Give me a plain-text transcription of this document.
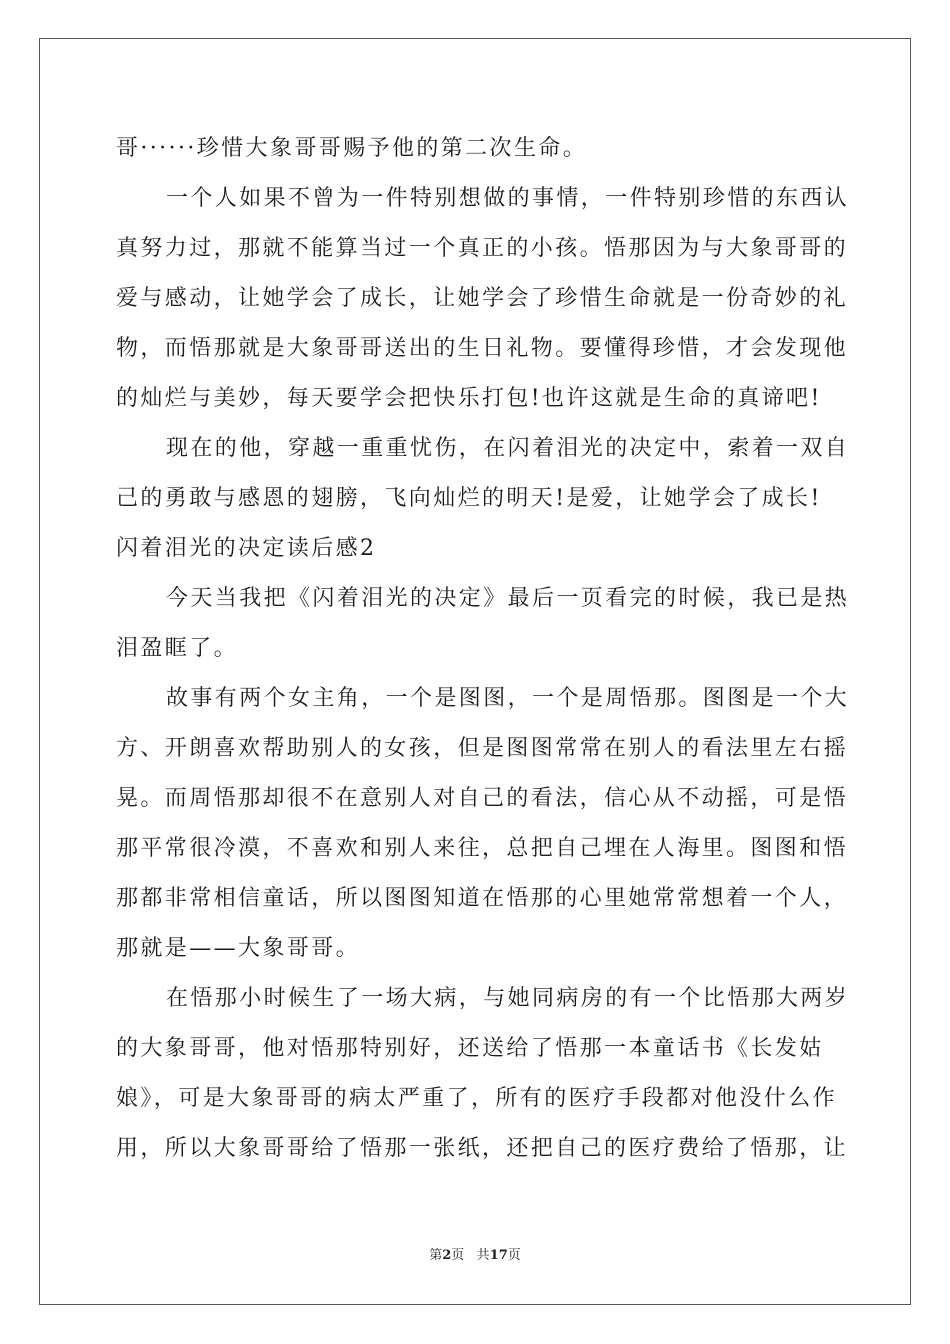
哥······珍惜大象哥哥赐予他的第二次生命。
一个人如果不曾为一件特别想做的事情，一件特别珍惜的东西认
真努力过，那就不能算当过一个真正的小孩。悟那因为与大象哥哥的
爱与感动，让她学会了成长，让她学会了珍惜生命就是一份奇妙的礼
物，而悟那就是大象哥哥送出的生日礼物。要懂得珍惜，才会发现他
的灿烂与美妙，每天要学会把快乐打包!也许这就是生命的真谛吧!
现在的他，穿越一重重忧伤，在闪着泪光的决定中，索着一双自
己的勇敢与感恩的翅膀，飞向灿烂的明天!是爱，让她学会了成长!
闪着泪光的决定读后感2
今天当我把《闪着泪光的决定》最后一页看完的时候，我已是热
泪盈眶了。
故事有两个女主角，一个是图图，一个是周悟那。图图是一个大
方、开朗喜欢帮助别人的女孩，但是图图常常在别人的看法里左右摇
晃。而周悟那却很不在意别人对自己的看法，信心从不动摇，可是悟
那平常很冷漠，不喜欢和别人来往，总把自己埋在人海里。图图和悟
那都非常相信童话，所以图图知道在悟那的心里她常常想着一个人，
那就是——大象哥哥。
在悟那小时候生了一场大病，与她同病房的有一个比悟那大两岁
的大象哥哥，他对悟那特别好，还送给了悟那一本童话书《长发姑
娘》，可是大象哥哥的病太严重了，所有的医疗手段都对他没什么作
用，所以大象哥哥给了悟那一张纸，还把自己的医疗费给了悟那，让
第2页 共17页
